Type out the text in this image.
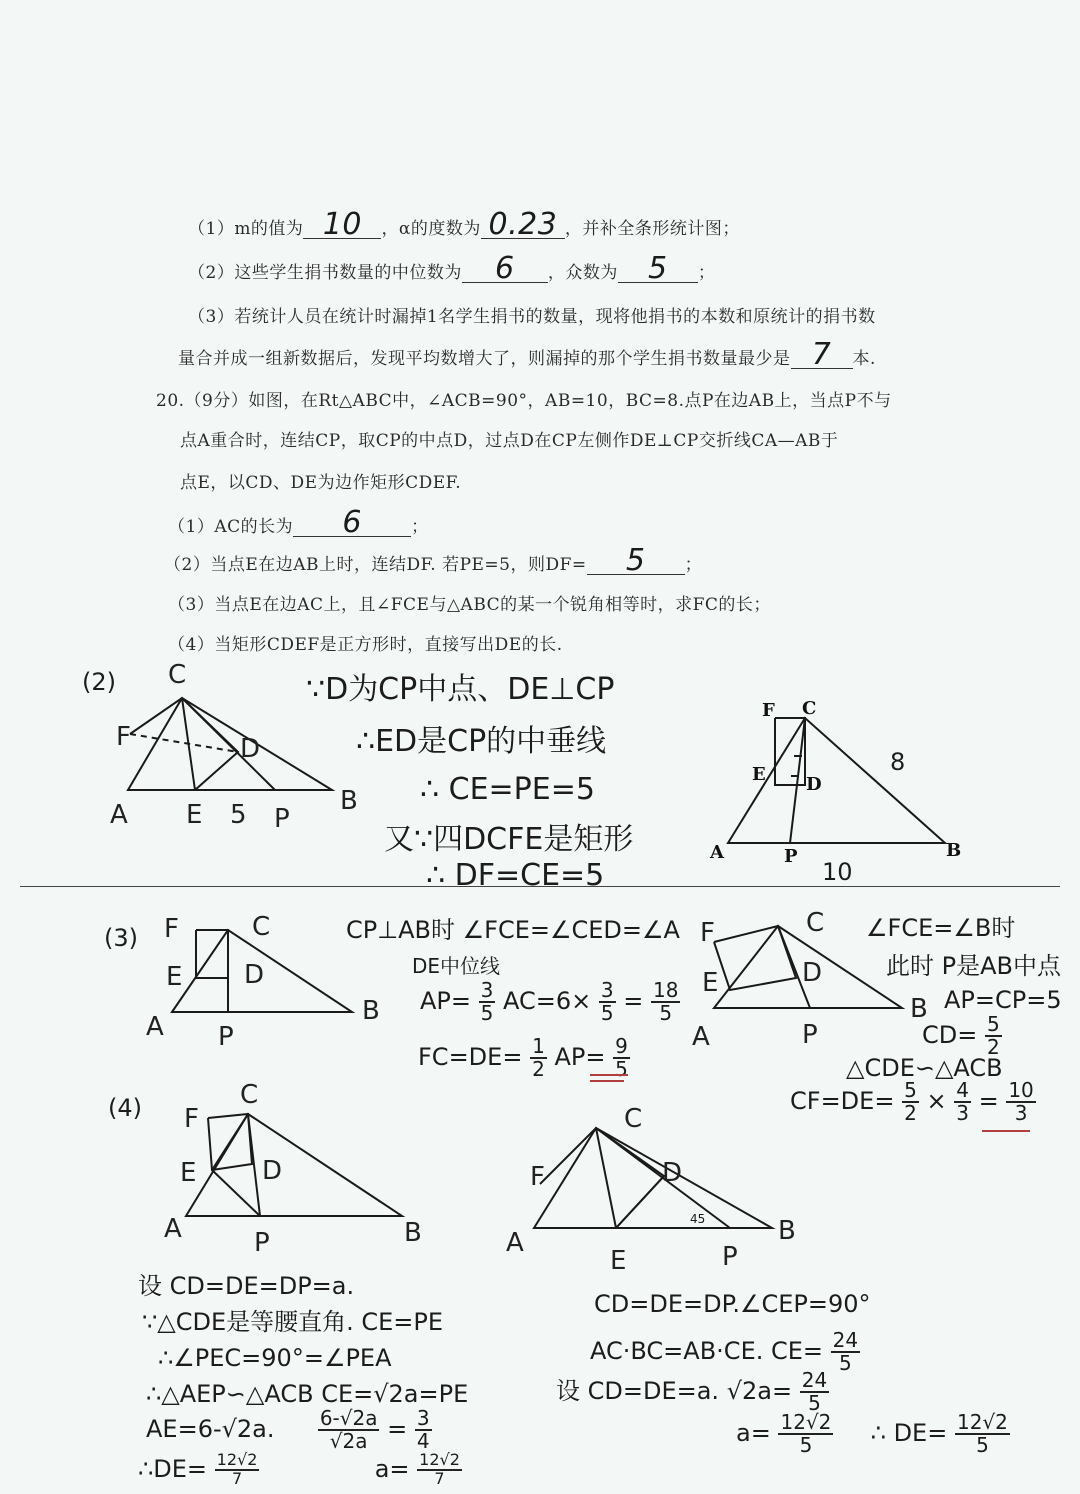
（1）m的值为 10	，α的度数为 0.23 ，并补全条形统计图；
（2）这些学生捐书数量的中位数为	6	，众数为	5	；
（3）若统计人员在统计时漏掉1名学生捐书的数量，现将他捐书的本数和原统计的捐书数
量合并成一组新数据后，发现平均数增大了，则漏掉的那个学生捐书数量最少是 7	本.
20.（9分）如图，在Rt△ABC中，∠ACB=90°，AB=10，BC=8.点P在边AB上，当点P不与
点A重合时，连结CP，取CP的中点D，过点D在CP左侧作DE⊥CP交折线CA—AB于
点E，以CD、DE为边作矩形CDEF.
（1）AC的长为	6	；
（2）当点E在边AB上时，连结DF. 若PE=5，则DF=	5	；
（3）当点E在边AC上，且∠FCE与△ABC的某一个锐角相等时，求FC的长；
（4）当矩形CDEF是正方形时，直接写出DE的长.
F C
E D
A	P	B
8
10
(2) C
F	D
A E 5 P
B
∵D为CP中点、DE⊥CP
∴ED是CP的中垂线
∴ CE=PE=5
又∵四DCFE是矩形
∴ DF=CE=5
(3) F	C
E D
A P
B
CP⊥AB时 ∠FCE=∠CED=∠A
DE中位线
$AP= \frac{3}{5} AC=6\times \frac{3}{5} = \frac{18}{5}$
$FC=DE= \frac{1}{2} AP= \frac{9}{5}$
F	C
E	D
A	P
B
∠FCE=∠B时
此时 P是AB中点
AP=CP=5
$CD= \frac{5}{2}$
△CDE∽△ACB
$CF=DE= \frac{5}{2} \times \frac{4}{3} = \frac{10}{3}$
(4) F
C
E	D
A	P	B
C
F	D
A
E	P
B
45
设 CD=DE=DP=a.
∵△CDE是等腰直角. CE=PE
∴∠PEC=90°=∠PEA
∴△AEP∽△ACB CE=√2a=PE
AE=6-√2a. $\frac{6-√2a}{√2a} = \frac{3}{4}$
∴DE= $\frac{12√2}{7}$	$a= \frac{12√2}{7}$
CD=DE=DP.∠CEP=90°
AC·BC=AB·CE. $CE= \frac{24}{5}$
设 CD=DE=a. $√2a= \frac{24}{5}$
$a= \frac{12√2}{5}$ ∴ $DE= \frac{12√2}{5}$
